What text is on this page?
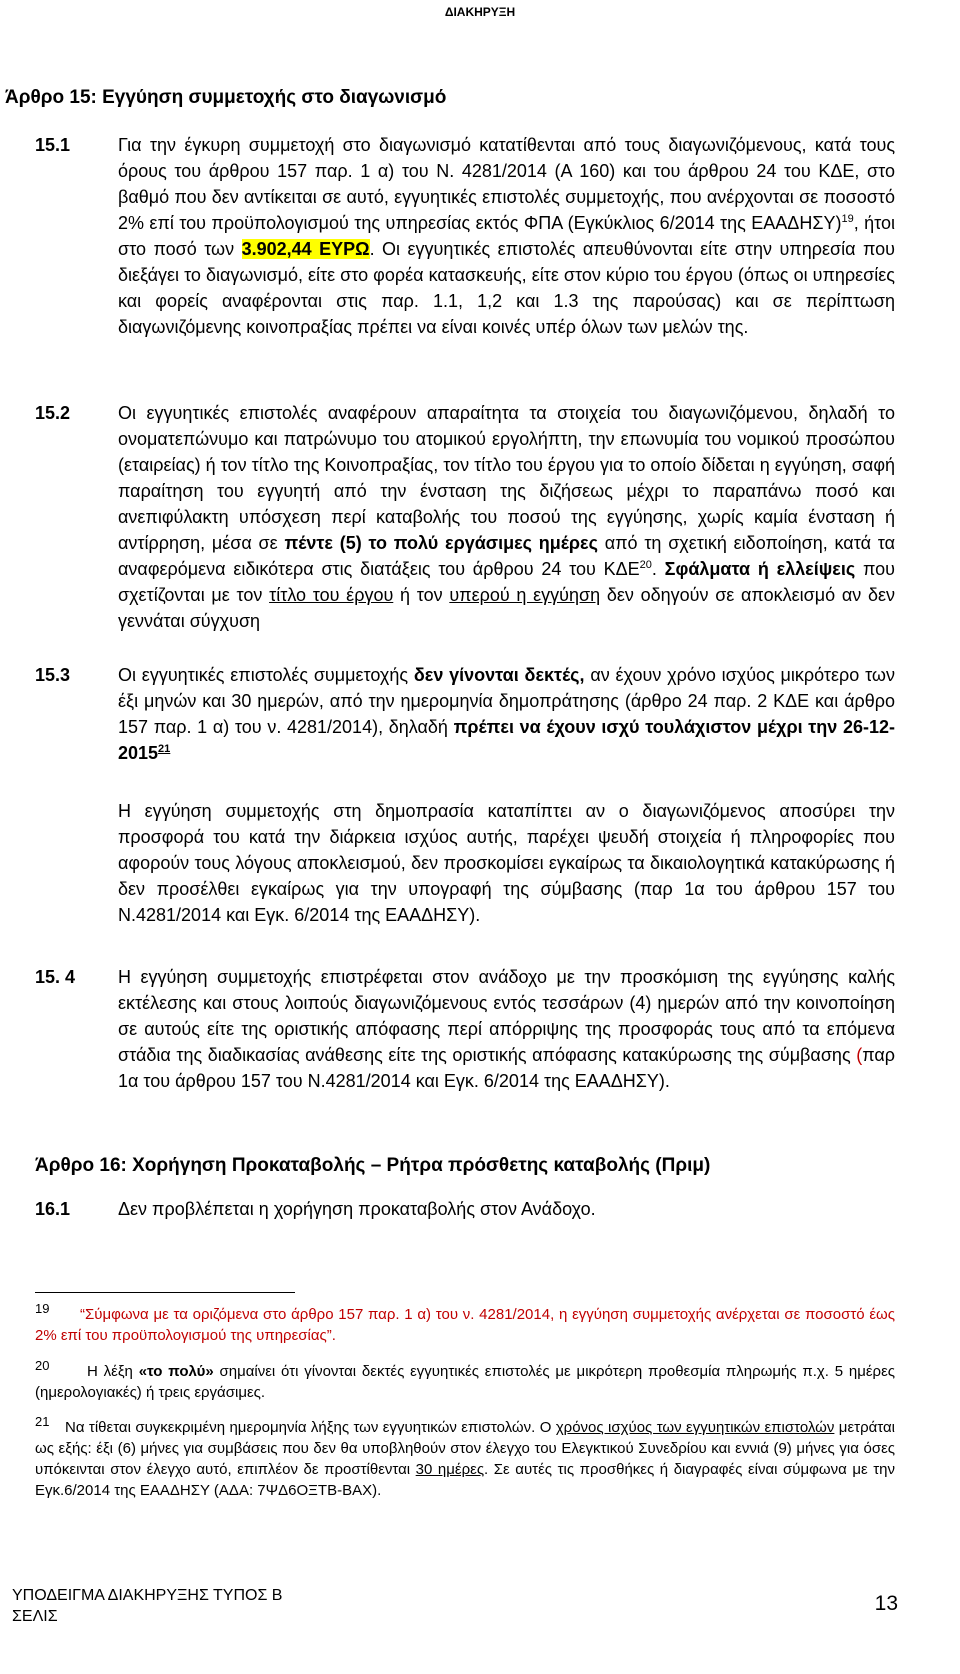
ΔΙΑΚΗΡΥΞΗ
Άρθρο 15: Εγγύηση συμμετοχής στο διαγωνισμό
15.1	Για την έγκυρη συμμετοχή στο διαγωνισμό κατατίθενται από τους διαγωνιζόμενους, κατά τους όρους του άρθρου 157 παρ. 1 α) του Ν. 4281/2014 (Α 160) και του άρθρου 24 του ΚΔΕ, στο βαθμό που δεν αντίκειται σε αυτό, εγγυητικές επιστολές συμμετοχής, που ανέρχονται σε ποσοστό 2% επί του προϋπολογισμού της υπηρεσίας εκτός ΦΠΑ (Εγκύκλιος 6/2014 της ΕΑΑΔΗΣΥ)$^{19}$, ήτοι στο ποσό των 3.902,44 ΕΥΡΩ. Οι εγγυητικές επιστολές απευθύνονται είτε στην υπηρεσία που διεξάγει το διαγωνισμό, είτε στο φορέα κατασκευής, είτε στον κύριο του έργου (όπως οι υπηρεσίες και φορείς αναφέρονται στις παρ. 1.1, 1,2 και 1.3 της παρούσας) και σε περίπτωση διαγωνιζόμενης κοινοπραξίας πρέπει να είναι κοινές υπέρ όλων των μελών της.
15.2	Οι εγγυητικές επιστολές αναφέρουν απαραίτητα τα στοιχεία του διαγωνιζόμενου, δηλαδή το ονοματεπώνυμο και πατρώνυμο του ατομικού εργολήπτη, την επωνυμία του νομικού προσώπου (εταιρείας) ή τον τίτλο της Κοινοπραξίας, τον τίτλο του έργου για το οποίο δίδεται η εγγύηση, σαφή παραίτηση του εγγυητή από την ένσταση της διζήσεως μέχρι το παραπάνω ποσό και ανεπιφύλακτη υπόσχεση περί καταβολής του ποσού της εγγύησης, χωρίς καμία ένσταση ή αντίρρηση, μέσα σε πέντε (5) το πολύ εργάσιμες ημέρες από τη σχετική ειδοποίηση, κατά τα αναφερόμενα ειδικότερα στις διατάξεις του άρθρου 24 του ΚΔΕ$^{20}$. Σφάλματα ή ελλείψεις που σχετίζονται με τον τίτλο του έργου ή τον υπερού η εγγύηση δεν οδηγούν σε αποκλεισμό αν δεν γεννάται σύγχυση
15.3	Οι εγγυητικές επιστολές συμμετοχής δεν γίνονται δεκτές, αν έχουν χρόνο ισχύος μικρότερο των έξι μηνών και 30 ημερών, από την ημερομηνία δημοπράτησης (άρθρο 24 παρ. 2 ΚΔΕ και άρθρο 157 παρ. 1 α) του ν. 4281/2014), δηλαδή πρέπει να έχουν ισχύ τουλάχιστον μέχρι την 26-12-2015$^{21}$
Η εγγύηση συμμετοχής στη δημοπρασία καταπίπτει αν ο διαγωνιζόμενος αποσύρει την προσφορά του κατά την διάρκεια ισχύος αυτής, παρέχει ψευδή στοιχεία ή πληροφορίες που αφορούν τους λόγους αποκλεισμού, δεν προσκομίσει εγκαίρως τα δικαιολογητικά κατακύρωσης ή δεν προσέλθει εγκαίρως για την υπογραφή της σύμβασης (παρ 1α του άρθρου 157 του Ν.4281/2014 και Εγκ. 6/2014 της ΕΑΑΔΗΣΥ).
15. 4 Η εγγύηση συμμετοχής επιστρέφεται στον ανάδοχο με την προσκόμιση της εγγύησης καλής εκτέλεσης και στους λοιπούς διαγωνιζόμενους εντός τεσσάρων (4) ημερών από την κοινοποίηση σε αυτούς είτε της οριστικής απόφασης περί απόρριψης της προσφοράς τους από τα επόμενα στάδια της διαδικασίας ανάθεσης είτε της οριστικής απόφασης κατακύρωσης της σύμβασης (παρ 1α του άρθρου 157 του Ν.4281/2014 και Εγκ. 6/2014 της ΕΑΑΔΗΣΥ).
Άρθρο 16: Χορήγηση Προκαταβολής – Ρήτρα πρόσθετης καταβολής (Πριμ)
16.1	Δεν προβλέπεται η χορήγηση προκαταβολής στον Ανάδοχο.
19	“Σύμφωνα με τα οριζόμενα στο άρθρο 157 παρ. 1 α) του ν. 4281/2014, η εγγύηση συμμετοχής ανέρχεται σε ποσοστό έως 2% επί του προϋπολογισμού της υπηρεσίας”.
20	Η λέξη «το πολύ» σημαίνει ότι γίνονται δεκτές εγγυητικές επιστολές με μικρότερη προθεσμία πληρωμής π.χ. 5 ημέρες (ημερολογιακές) ή τρεις εργάσιμες.
21	Να τίθεται συγκεκριμένη ημερομηνία λήξης των εγγυητικών επιστολών. Ο χρόνος ισχύος των εγγυητικών επιστολών μετράται ως εξής: έξι (6) μήνες για συμβάσεις που δεν θα υποβληθούν στον έλεγχο του Ελεγκτικού Συνεδρίου και εννιά (9) μήνες για όσες υπόκεινται στον έλεγχο αυτό, επιπλέον δε προστίθενται 30 ημέρες. Σε αυτές τις προσθήκες ή διαγραφές είναι σύμφωνα με την Εγκ.6/2014 της ΕΑΑΔΗΣΥ (ΑΔΑ: 7ΨΔ6ΟΞΤΒ-ΒΑΧ).
ΥΠΟΔΕΙΓΜΑ ΔΙΑΚΗΡΥΞΗΣ ΤΥΠΟΣ Β
ΣΕΛΙΣ
13
